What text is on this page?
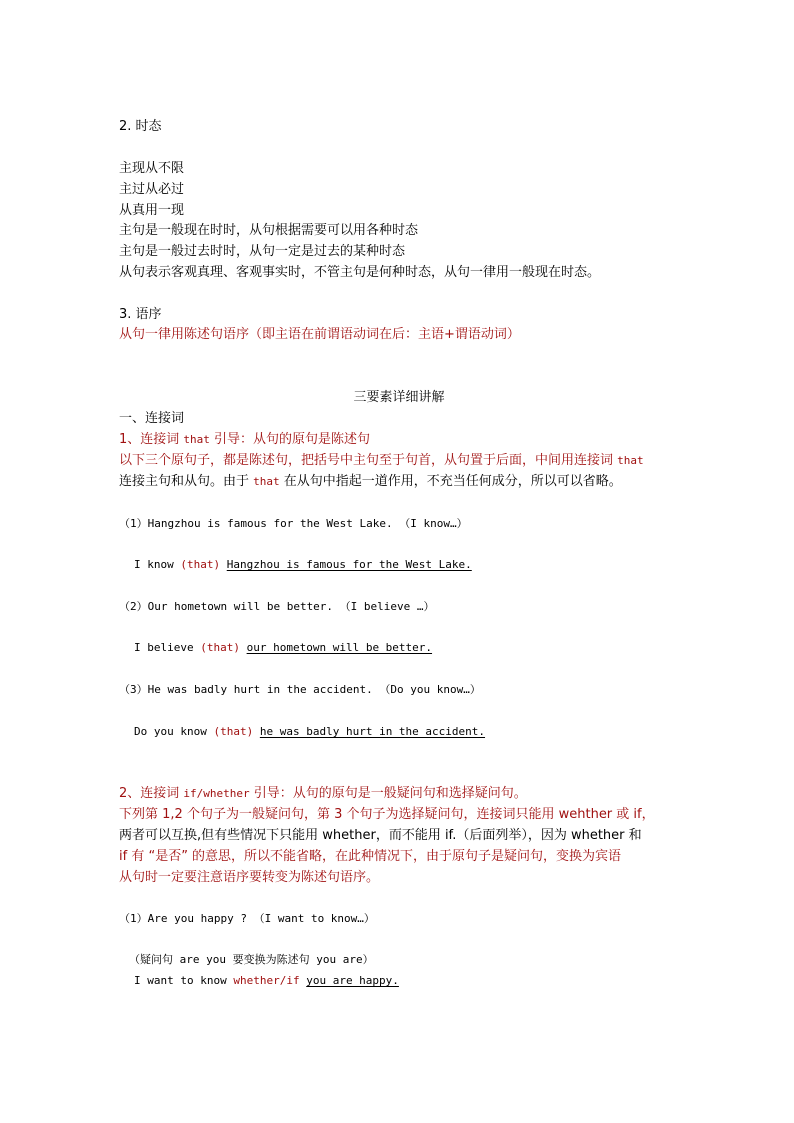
2. 时态
主现从不限
主过从必过
从真用一现
主句是一般现在时时，从句根据需要可以用各种时态
主句是一般过去时时，从句一定是过去的某种时态
从句表示客观真理、客观事实时，不管主句是何种时态，从句一律用一般现在时态。
3. 语序
从句一律用陈述句语序（即主语在前谓语动词在后：主语+谓语动词）
三要素详细讲解
一、连接词
1、连接词 that 引导：从句的原句是陈述句
以下三个原句子，都是陈述句，把括号中主句至于句首，从句置于后面，中间用连接词 that
连接主句和从句。由于 that 在从句中指起一道作用，不充当任何成分，所以可以省略。
（1）Hangzhou is famous for the West Lake. （I know…）
I know (that) Hangzhou is famous for the West Lake.
（2）Our hometown will be better. （I believe …）
I believe (that) our hometown will be better.
（3）He was badly hurt in the accident. （Do you know…）
Do you know (that) he was badly hurt in the accident.
2、连接词 if/whether 引导：从句的原句是一般疑问句和选择疑问句。
下列第 1,2 个句子为一般疑问句，第 3 个句子为选择疑问句，连接词只能用 wehther 或 if，
两者可以互换,但有些情况下只能用 whether，而不能用 if.（后面列举），因为 whether 和
if 有 “是否” 的意思，所以不能省略，在此种情况下，由于原句子是疑问句，变换为宾语
从句时一定要注意语序要转变为陈述句语序。
（1）Are you happy ? （I want to know…）
（疑问句 are you 要变换为陈述句 you are）
I want to know whether/if you are happy.
